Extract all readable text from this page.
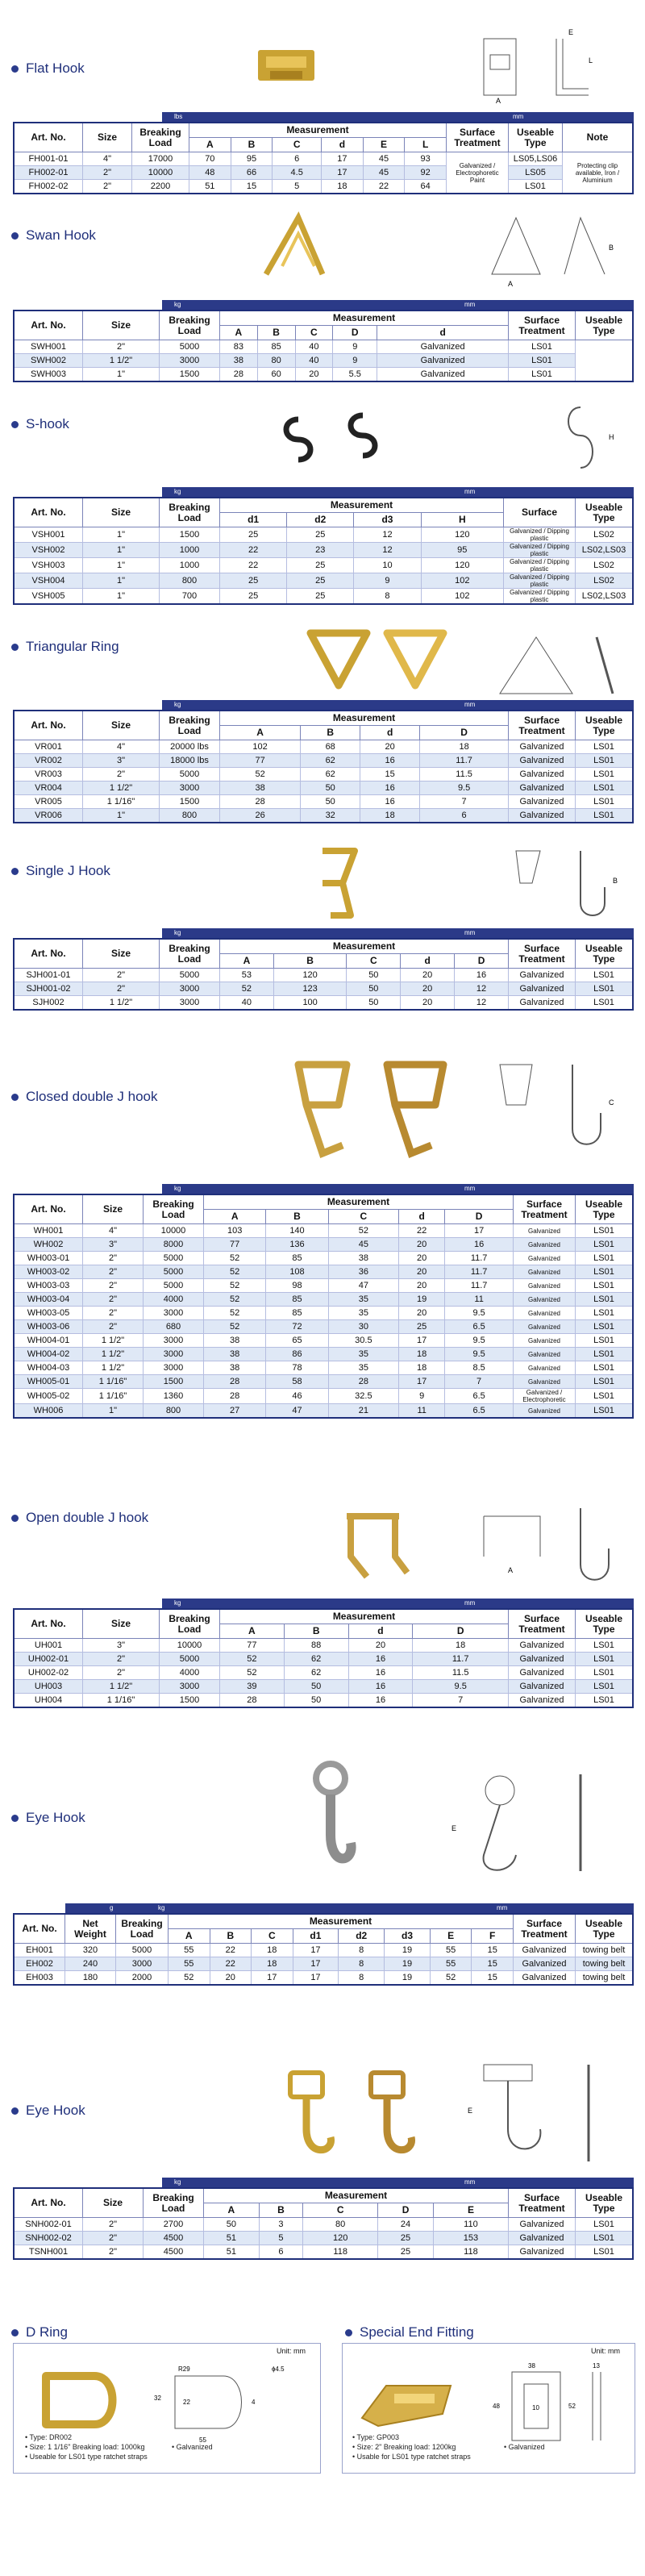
Flat Hook	L
A
E
lbs	mm
Art. No.	Size	Breaking Load	Measurement						Surface Treatment	Useable Type	Note
			A	B	C	d	E	L			
FH001-01	4"	17000	70	95	6	17	45	93	Galvanized / Electrophoretic Paint	LS05,LS06	Protecting clip available, Iron / Aluminium
FH002-01	2"	10000	48	66	4.5	17	45	92		LS05	
FH002-02	2"	2200	51	15	5	18	22	64		LS01	
Swan Hook
A
B
kg	mm
Art. No.	Size	Breaking Load	Measurement					Surface Treatment	Useable Type
			A	B	C	D	d		
SWH001	2"	5000	83	85	40	9	Galvanized	LS01	
SWH002	1 1/2"	3000	38	80	40	9	Galvanized	LS01	
SWH003	1"	1500	28	60	20	5.5	Galvanized	LS01	
S-hook
H
kg	mm
Art. No.	Size	Breaking Load	Measurement				Surface	Useable Type
			d1	d2	d3	H		
VSH001	1"	1500	25	25	12	120	Galvanized / Dipping plastic	LS02
VSH002	1"	1000	22	23	12	95	Galvanized / Dipping plastic	LS02,LS03
VSH003	1"	1000	22	25	10	120	Galvanized / Dipping plastic	LS02
VSH004	1"	800	25	25	9	102	Galvanized / Dipping plastic	LS02
VSH005	1"	700	25	25	8	102	Galvanized / Dipping plastic	LS02,LS03
Triangular Ring
kg	mm
Art. No.	Size	Breaking Load	Measurement				Surface Treatment	Useable Type
			A	B	d	D		
VR001	4"	20000 lbs	102	68	20	18	Galvanized	LS01
VR002	3"	18000 lbs	77	62	16	11.7	Galvanized	LS01
VR003	2"	5000	52	62	15	11.5	Galvanized	LS01
VR004	1 1/2"	3000	38	50	16	9.5	Galvanized	LS01
VR005	1 1/16"	1500	28	50	16	7	Galvanized	LS01
VR006	1"	800	26	32	18	6	Galvanized	LS01
Single J Hook
B
kg	mm
Art. No.	Size	Breaking Load	Measurement					Surface Treatment	Useable Type
			A	B	C	d	D		
SJH001-01	2"	5000	53	120	50	20	16	Galvanized	LS01
SJH001-02	2"	3000	52	123	50	20	12	Galvanized	LS01
SJH002	1 1/2"	3000	40	100	50	20	12	Galvanized	LS01
Closed double J hook	C
kg	mm
Art. No.	Size	Breaking Load	Measurement					Surface Treatment	Useable Type
			A	B	C	d	D		
WH001	4"	10000	103	140	52	22	17	Galvanized	LS01
WH002	3"	8000	77	136	45	20	16	Galvanized	LS01
WH003-01	2"	5000	52	85	38	20	11.7	Galvanized	LS01
WH003-02	2"	5000	52	108	36	20	11.7	Galvanized	LS01
WH003-03	2"	5000	52	98	47	20	11.7	Galvanized	LS01
WH003-04	2"	4000	52	85	35	19	11	Galvanized	LS01
WH003-05	2"	3000	52	85	35	20	9.5	Galvanized	LS01
WH003-06	2"	680	52	72	30	25	6.5	Galvanized	LS01
WH004-01	1 1/2"	3000	38	65	30.5	17	9.5	Galvanized	LS01
WH004-02	1 1/2"	3000	38	86	35	18	9.5	Galvanized	LS01
WH004-03	1 1/2"	3000	38	78	35	18	8.5	Galvanized	LS01
WH005-01	1 1/16"	1500	28	58	28	17	7	Galvanized	LS01
WH005-02	1 1/16"	1360	28	46	32.5	9	6.5	Galvanized / Electrophoretic	LS01
WH006	1"	800	27	47	21	11	6.5	Galvanized	LS01
Open double J hook
A
kg	mm
Art. No.	Size	Breaking Load	Measurement				Surface Treatment	Useable Type
			A	B	d	D		
UH001	3"	10000	77	88	20	18	Galvanized	LS01
UH002-01	2"	5000	52	62	16	11.7	Galvanized	LS01
UH002-02	2"	4000	52	62	16	11.5	Galvanized	LS01
UH003	1 1/2"	3000	39	50	16	9.5	Galvanized	LS01
UH004	1 1/16"	1500	28	50	16	7	Galvanized	LS01
Eye Hook
E
g	kg	mm
Art. No.	Net Weight	Breaking Load	Measurement								Surface Treatment	Useable Type
			A	B	C	d1	d2	d3	E	F		
EH001	320	5000	55	22	18	17	8	19	55	15	Galvanized	towing belt
EH002	240	3000	55	22	18	17	8	19	55	15	Galvanized	towing belt
EH003	180	2000	52	20	17	17	8	19	52	15	Galvanized	towing belt
Eye Hook	E
kg	mm
Art. No.	Size	Breaking Load	Measurement					Surface Treatment	Useable Type
			A	B	C	D	E		
SNH002-01	2"	2700	50	3	80	24	110	Galvanized	LS01
SNH002-02	2"	4500	51	5	120	25	153	Galvanized	LS01
TSNH001	2"	4500	51	6	118	25	118	Galvanized	LS01
D Ring
Unit: mm
R29	ɸ4.5
32
22	4
55
• Type: DR002
• Size: 1 1/16" Breaking load: 1000kg
• Useable for LS01 type ratchet straps
• Galvanized
Special End Fitting
Unit: mm
38	13
48	10	52
• Type: GP003
• Size: 2" Breaking load: 1200kg
• Usable for LS01 type ratchet straps
• Galvanized
